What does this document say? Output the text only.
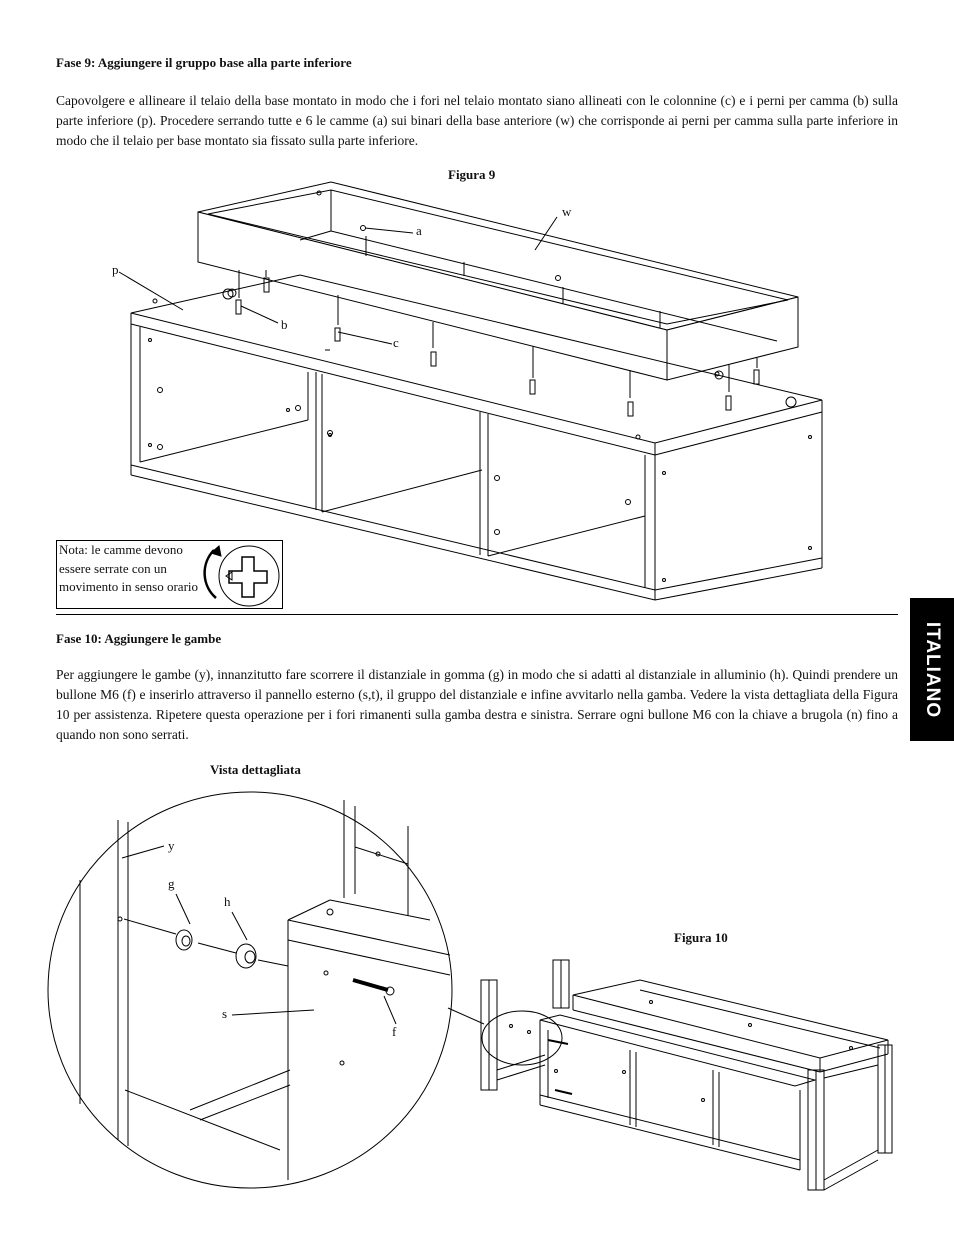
Fase 9: Aggiungere il gruppo base alla parte inferiore
Capovolgere e allineare il telaio della base montato in modo che i fori nel telaio montato siano allineati con le colonnine (c) e i perni per camma (b) sulla parte inferiore (p). Procedere serrando tutte e 6 le camme (a) sui binari della base anteriore (w) che corrisponde ai perni per camma sulla parte inferiore in modo che il telaio per base montato sia fissato sulla parte inferiore.
Figura 9
a
w
p
b
c
Nota: le camme devono essere serrate con un movimento in senso orario
ITALIANO
Fase 10: Aggiungere le gambe
Per aggiungere le gambe (y), innanzitutto fare scorrere il distanziale in gomma (g) in modo che si adatti al distanziale in alluminio (h). Quindi prendere un bullone M6 (f) e inserirlo attraverso il pannello esterno (s,t), il gruppo del distanziale e infine avvitarlo nella gamba. Vedere la vista dettagliata della Figura 10 per assistenza. Ripetere questa operazione per i fori rimanenti sulla gamba destra e sinistra. Serrare ogni bullone M6 con la chiave a brugola (n) fino a quando non sono serrati.
Vista dettagliata
Figura 10
y
g
h
s
f
